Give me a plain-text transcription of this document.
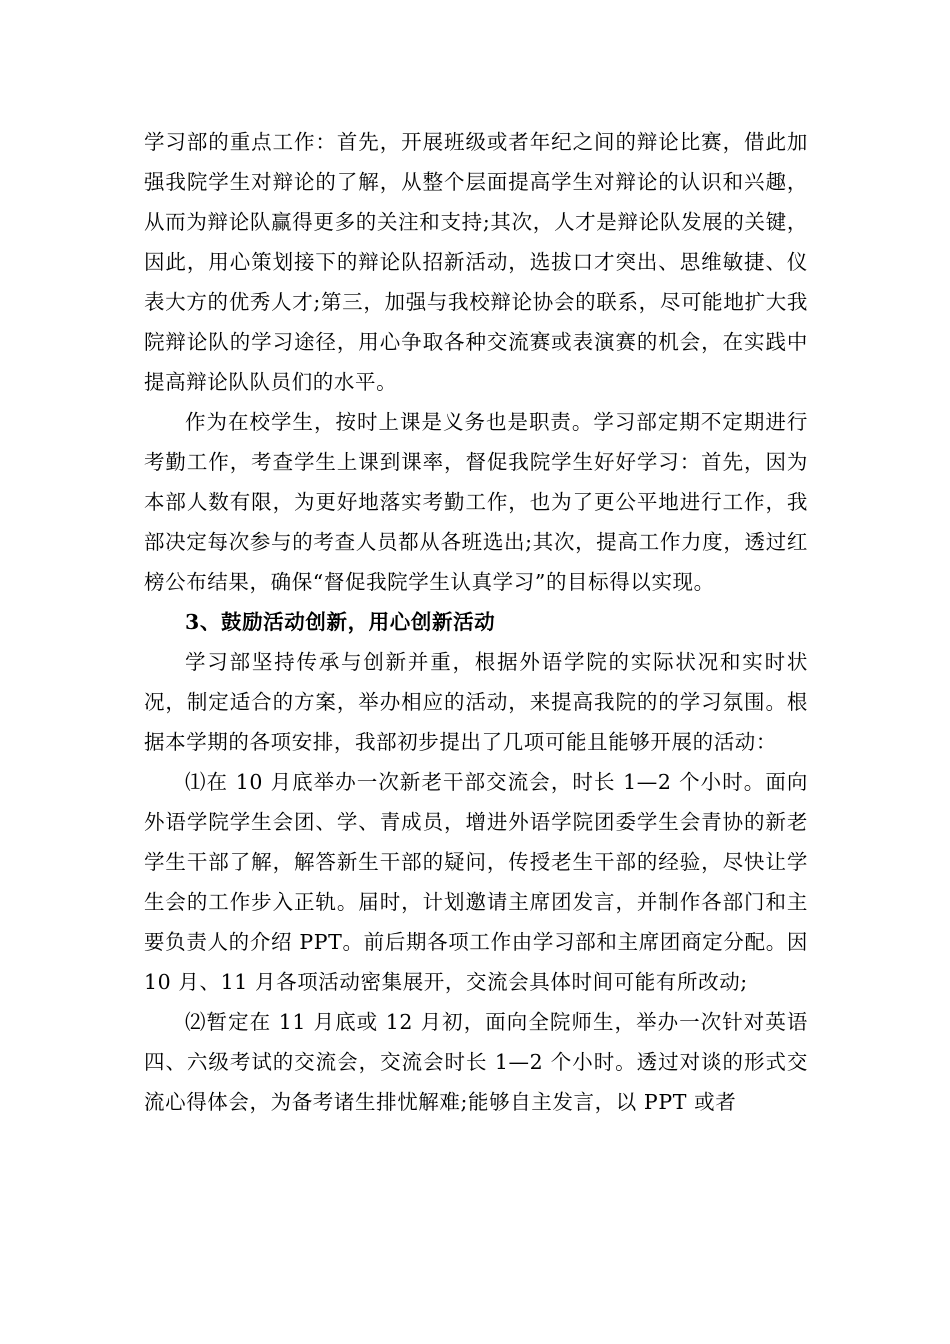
学习部的重点工作：首先，开展班级或者年纪之间的辩论比赛，借此加强我院学生对辩论的了解，从整个层面提高学生对辩论的认识和兴趣，从而为辩论队赢得更多的关注和支持;其次，人才是辩论队发展的关键，因此，用心策划接下的辩论队招新活动，选拔口才突出、思维敏捷、仪表大方的优秀人才;第三，加强与我校辩论协会的联系，尽可能地扩大我院辩论队的学习途径，用心争取各种交流赛或表演赛的机会，在实践中提高辩论队队员们的水平。

作为在校学生，按时上课是义务也是职责。学习部定期不定期进行考勤工作，考查学生上课到课率，督促我院学生好好学习：首先，因为本部人数有限，为更好地落实考勤工作，也为了更公平地进行工作，我部决定每次参与的考查人员都从各班选出;其次，提高工作力度，透过红榜公布结果，确保“督促我院学生认真学习”的目标得以实现。

3、鼓励活动创新，用心创新活动

学习部坚持传承与创新并重，根据外语学院的实际状况和实时状况，制定适合的方案，举办相应的活动，来提高我院的的学习氛围。根据本学期的各项安排，我部初步提出了几项可能且能够开展的活动：

⑴在 10 月底举办一次新老干部交流会，时长 1—2 个小时。面向外语学院学生会团、学、青成员，增进外语学院团委学生会青协的新老学生干部了解，解答新生干部的疑问，传授老生干部的经验，尽快让学生会的工作步入正轨。届时，计划邀请主席团发言，并制作各部门和主要负责人的介绍 PPT。前后期各项工作由学习部和主席团商定分配。因 10 月、11 月各项活动密集展开，交流会具体时间可能有所改动;

⑵暂定在 11 月底或 12 月初，面向全院师生，举办一次针对英语四、六级考试的交流会，交流会时长 1—2 个小时。透过对谈的形式交流心得体会，为备考诸生排忧解难;能够自主发言，以 PPT 或者
